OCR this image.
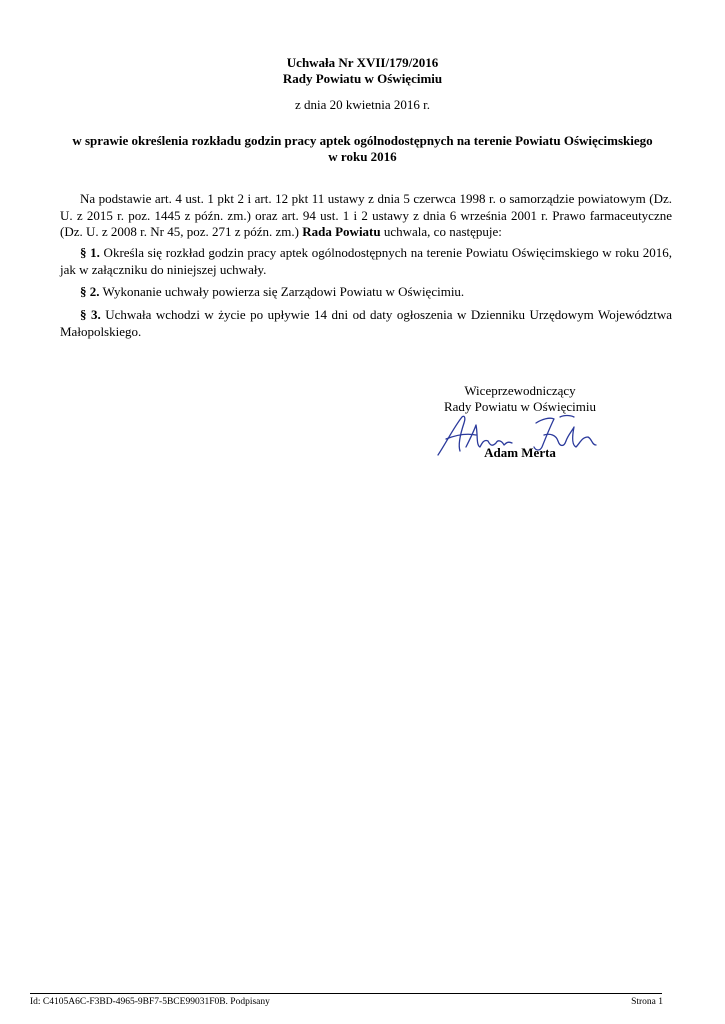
Uchwała Nr XVII/179/2016
Rady Powiatu w Oświęcimiu
z dnia 20 kwietnia 2016 r.
w sprawie określenia rozkładu godzin pracy aptek ogólnodostępnych na terenie Powiatu Oświęcimskiego
w roku 2016
Na podstawie art. 4 ust. 1 pkt 2 i art. 12 pkt 11 ustawy z dnia 5 czerwca 1998 r. o samorządzie powiatowym (Dz. U. z 2015 r. poz. 1445 z późn. zm.) oraz art. 94 ust. 1 i 2 ustawy z dnia 6 września 2001 r. Prawo farmaceutyczne (Dz. U. z 2008 r. Nr 45, poz. 271 z późn. zm.) Rada Powiatu uchwala, co następuje:
§ 1. Określa się rozkład godzin pracy aptek ogólnodostępnych na terenie Powiatu Oświęcimskiego w roku 2016, jak w załączniku do niniejszej uchwały.
§ 2. Wykonanie uchwały powierza się Zarządowi Powiatu w Oświęcimiu.
§ 3. Uchwała wchodzi w życie po upływie 14 dni od daty ogłoszenia w Dzienniku Urzędowym Województwa Małopolskiego.
Wiceprzewodniczący
Rady Powiatu w Oświęcimiu
Adam Merta
Id: C4105A6C-F3BD-4965-9BF7-5BCE99031F0B. Podpisany	Strona 1
